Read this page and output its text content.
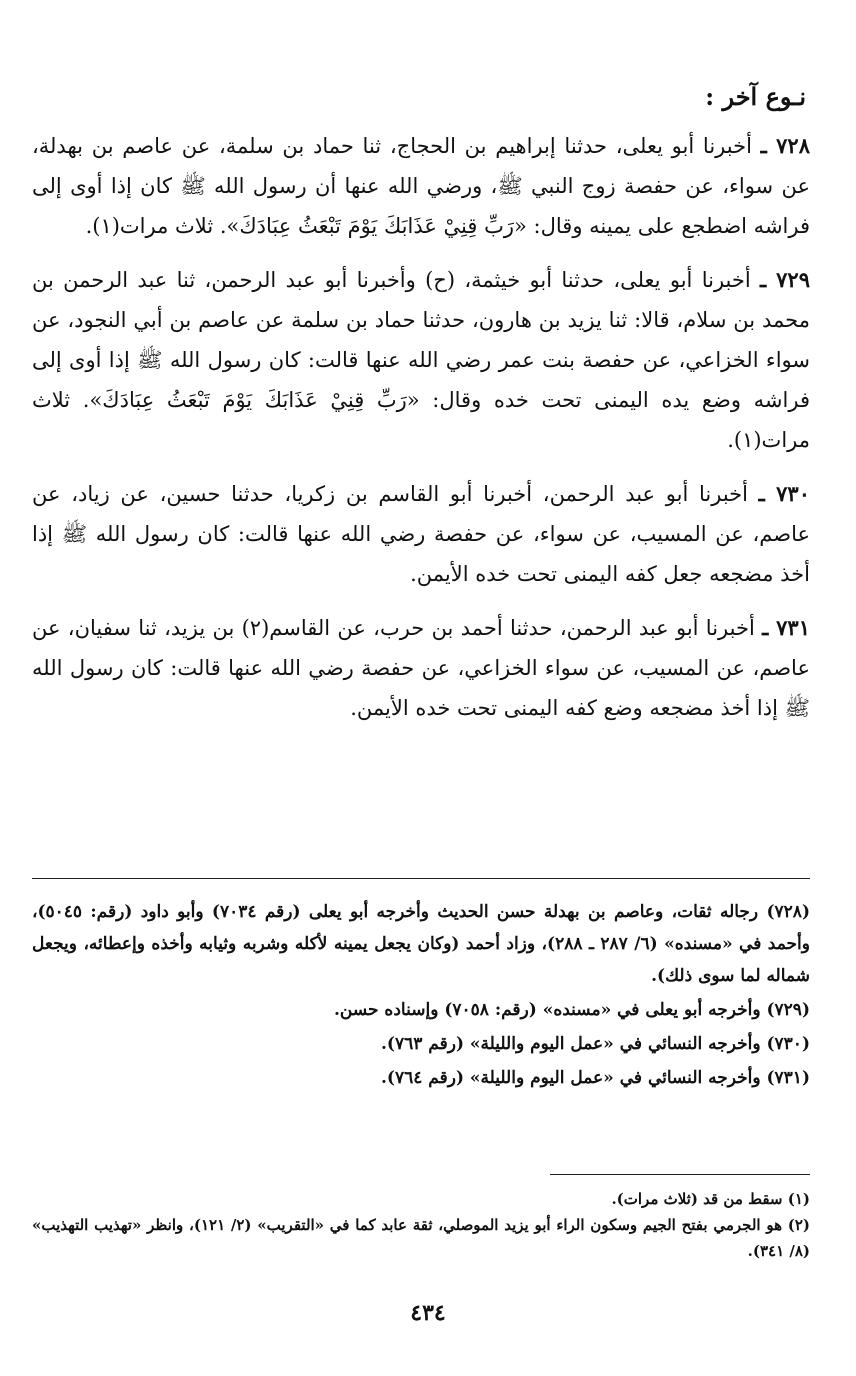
نـوع آخر :

٧٢٨ ـ أخبرنا أبو يعلى، حدثنا إبراهيم بن الحجاج، ثنا حماد بن سلمة، عن عاصم بن بهدلة، عن سواء، عن حفصة زوج النبي ﷺ، ورضي الله عنها أن رسول الله ﷺ كان إذا أوى إلى فراشه اضطجع على يمينه وقال: «رَبِّ قِنِيْ عَذَابَكَ يَوْمَ تَبْعَثُ عِبَادَكَ». ثلاث مرات(١).

٧٢٩ ـ أخبرنا أبو يعلى، حدثنا أبو خيثمة، (ح) وأخبرنا أبو عبد الرحمن، ثنا عبد الرحمن بن محمد بن سلام، قالا: ثنا يزيد بن هارون، حدثنا حماد بن سلمة عن عاصم بن أبي النجود، عن سواء الخزاعي، عن حفصة بنت عمر رضي الله عنها قالت: كان رسول الله ﷺ إذا أوى إلى فراشه وضع يده اليمنى تحت خده وقال: «رَبِّ قِنِيْ عَذَابَكَ يَوْمَ تَبْعَثُ عِبَادَكَ». ثلاث مرات(١).

٧٣٠ ـ أخبرنا أبو عبد الرحمن، أخبرنا أبو القاسم بن زكريا، حدثنا حسين، عن زياد، عن عاصم، عن المسيب، عن سواء، عن حفصة رضي الله عنها قالت: كان رسول الله ﷺ إذا أخذ مضجعه جعل كفه اليمنى تحت خده الأيمن.

٧٣١ ـ أخبرنا أبو عبد الرحمن، حدثنا أحمد بن حرب، عن القاسم(٢) بن يزيد، ثنا سفيان، عن عاصم، عن المسيب، عن سواء الخزاعي، عن حفصة رضي الله عنها قالت: كان رسول الله ﷺ إذا أخذ مضجعه وضع كفه اليمنى تحت خده الأيمن.

(٧٢٨) رجاله ثقات، وعاصم بن بهدلة حسن الحديث وأخرجه أبو يعلى (رقم ٧٠٣٤) وأبو داود (رقم: ٥٠٤٥)، وأحمد في «مسنده» (٦/ ٢٨٧ ـ ٢٨٨)، وزاد أحمد (وكان يجعل يمينه لأكله وشربه وثيابه وأخذه وإعطائه، ويجعل شماله لما سوى ذلك).

(٧٢٩) وأخرجه أبو يعلى في «مسنده» (رقم: ٧٠٥٨) وإسناده حسن.

(٧٣٠) وأخرجه النسائي في «عمل اليوم والليلة» (رقم ٧٦٣).

(٧٣١) وأخرجه النسائي في «عمل اليوم والليلة» (رقم ٧٦٤).

(١) سقط من قد (ثلاث مرات).

(٢) هو الجرمي بفتح الجيم وسكون الراء أبو يزيد الموصلي، ثقة عابد كما في «التقريب» (٢/ ١٢١)، وانظر «تهذيب التهذيب» (٨/ ٣٤١).

٤٣٤
